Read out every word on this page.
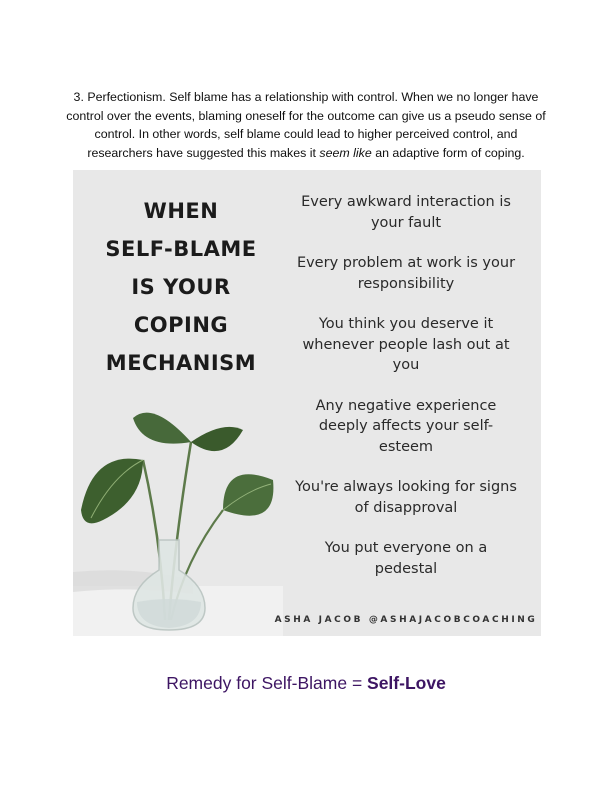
3. Perfectionism. Self blame has a relationship with control. When we no longer have
control over the events, blaming oneself for the outcome can give us a pseudo sense of
control. In other words, self blame could lead to higher perceived control, and
researchers have suggested this makes it seem like an adaptive form of coping.
WHEN
SELF-BLAME
IS YOUR
COPING
MECHANISM
Every awkward interaction is
your fault
Every problem at work is your
responsibility
You think you deserve it
whenever people lash out at
you
Any negative experience
deeply affects your self-
esteem
You're always looking for signs
of disapproval
You put everyone on a
pedestal
ASHA JACOB @ASHAJACOBCOACHING
Remedy for Self-Blame = Self-Love
